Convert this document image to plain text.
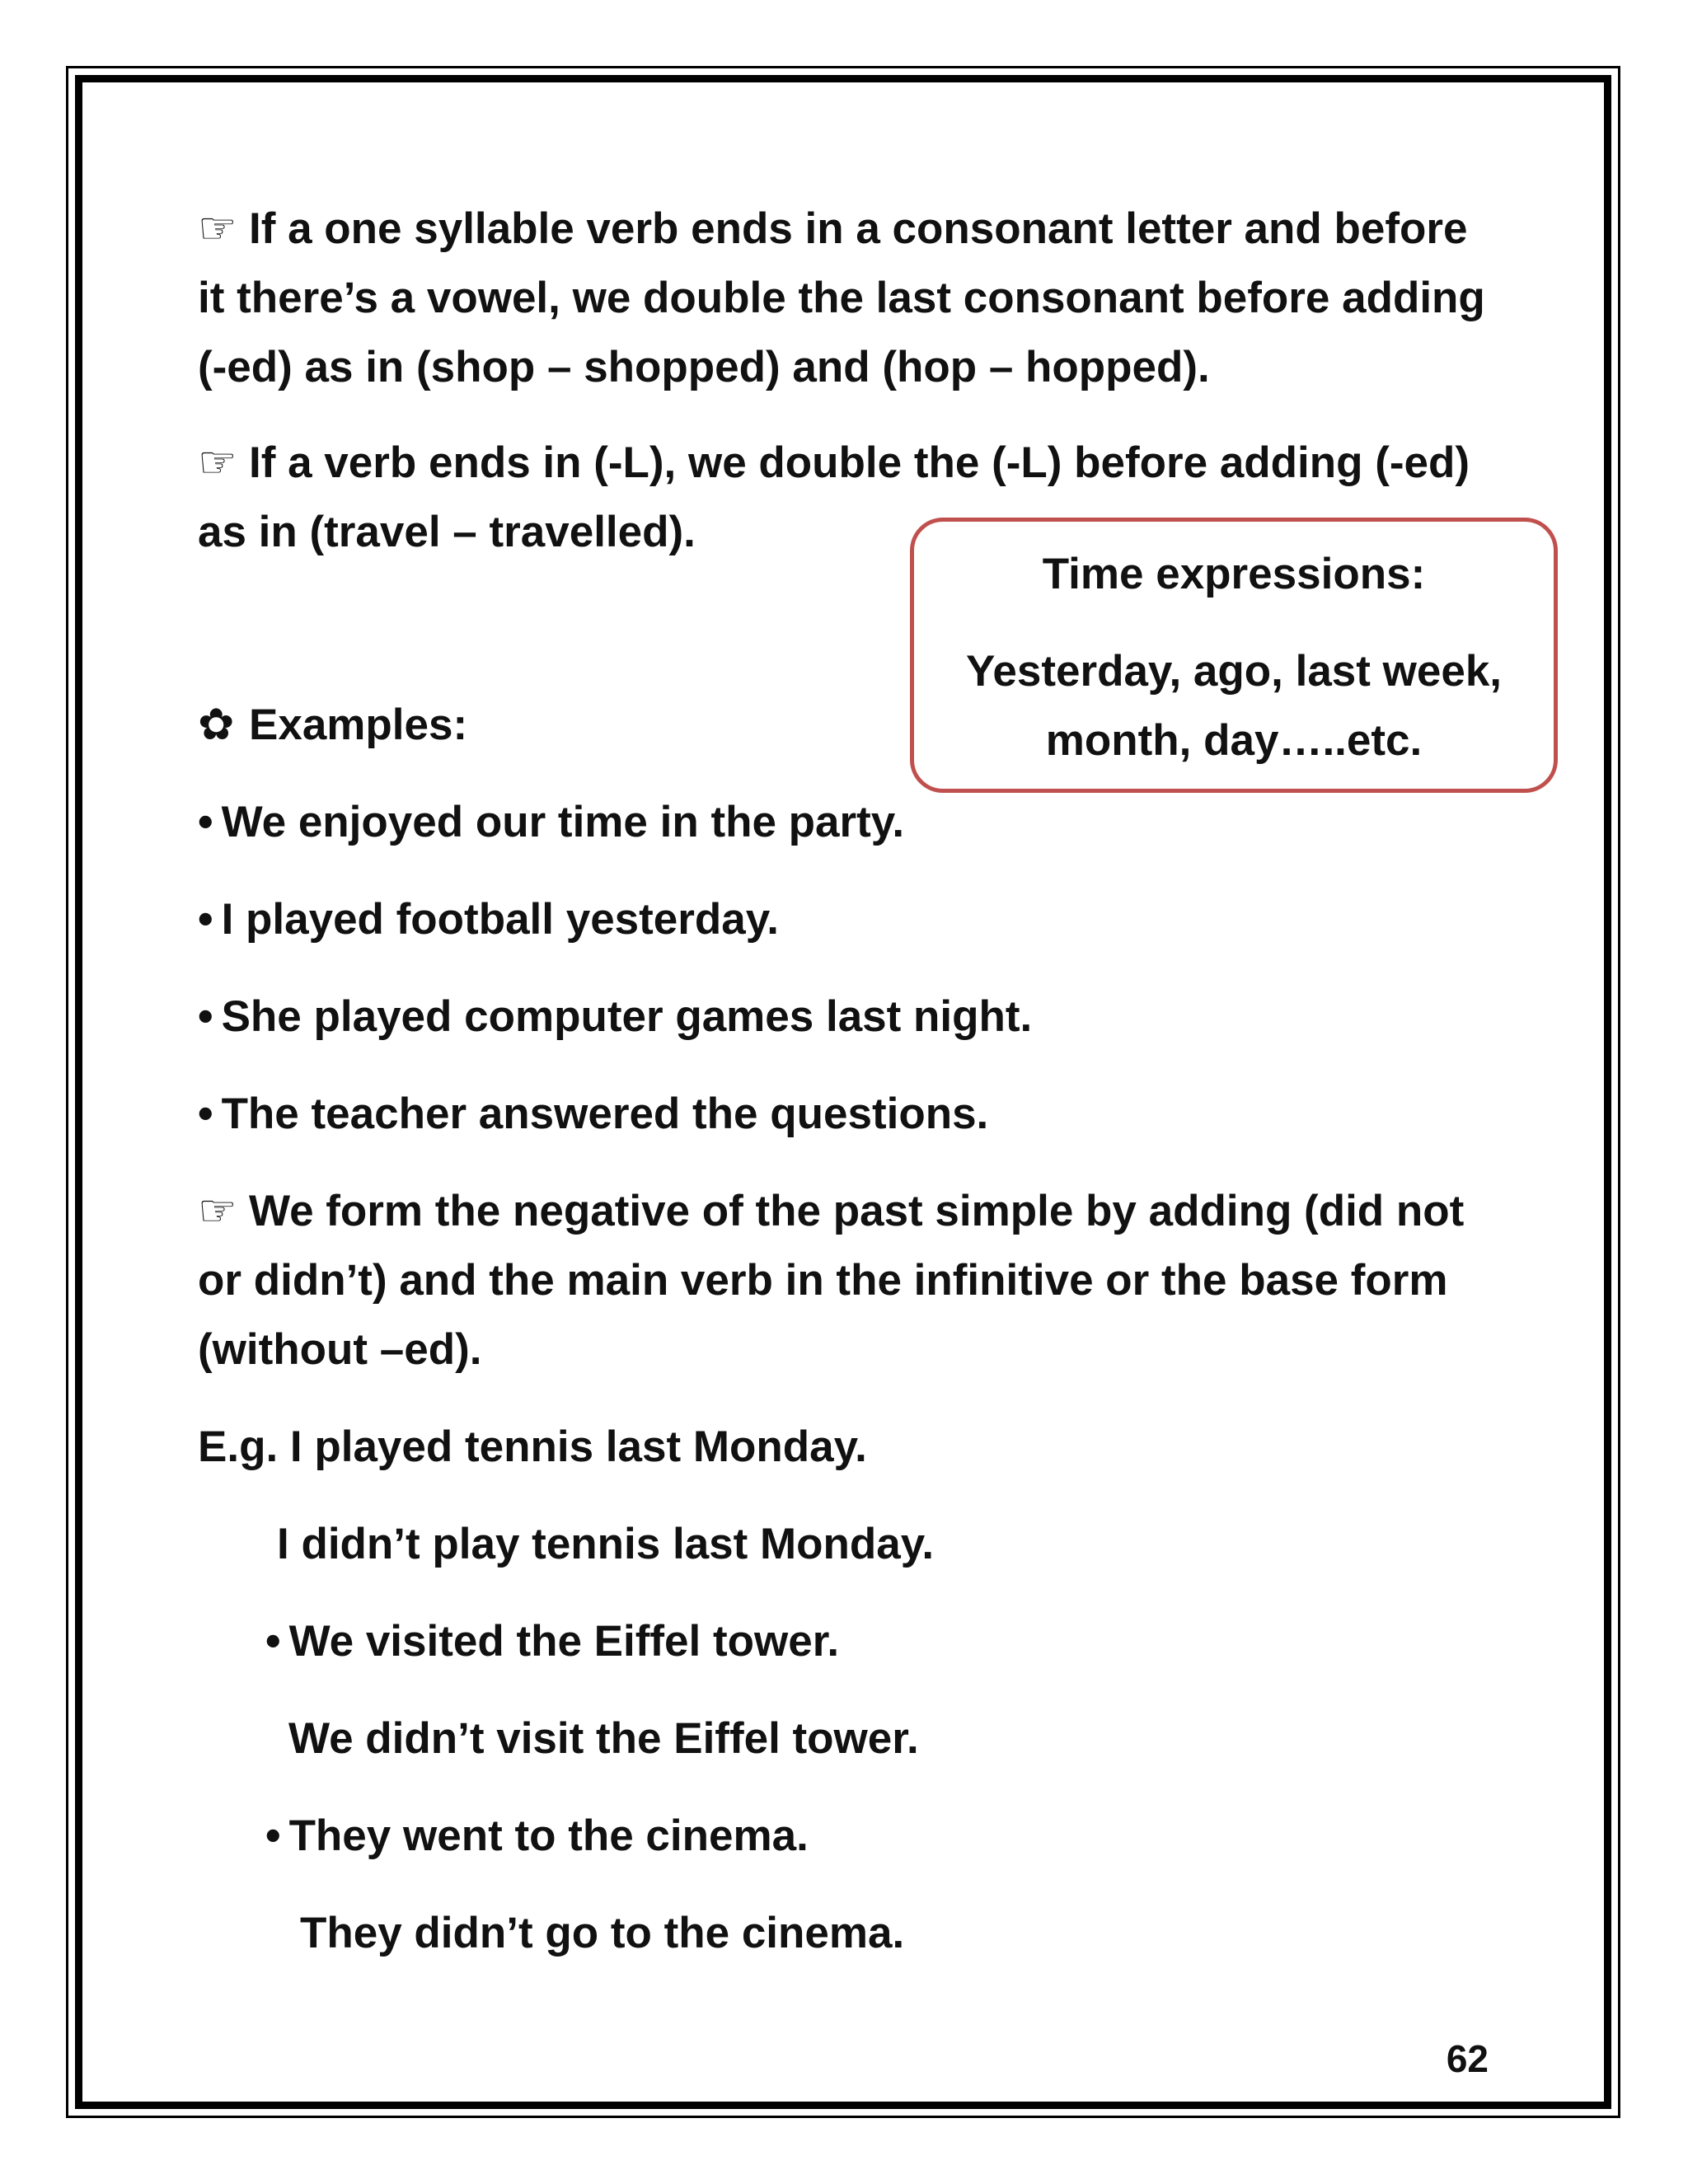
☞ If a one syllable verb ends in a consonant letter and before
it there’s a vowel, we double the last consonant before adding
(-ed) as in (shop – shopped) and (hop – hopped).
☞ If a verb ends in (-L), we double the (-L) before adding (-ed)
as in (travel – travelled).
Time expressions:
Yesterday, ago, last week,
month, day…..etc.
✿ Examples:
• We enjoyed our time in the party.
• I played football yesterday.
• She played computer games last night.
• The teacher answered the questions.
☞ We form the negative of the past simple by adding (did not
or didn’t) and the main verb in the infinitive or the base form
(without –ed).
E.g. I played tennis last Monday.
I didn’t play tennis last Monday.
• We visited the Eiffel tower.
We didn’t visit the Eiffel tower.
• They went to the cinema.
They didn’t go to the cinema.
62
